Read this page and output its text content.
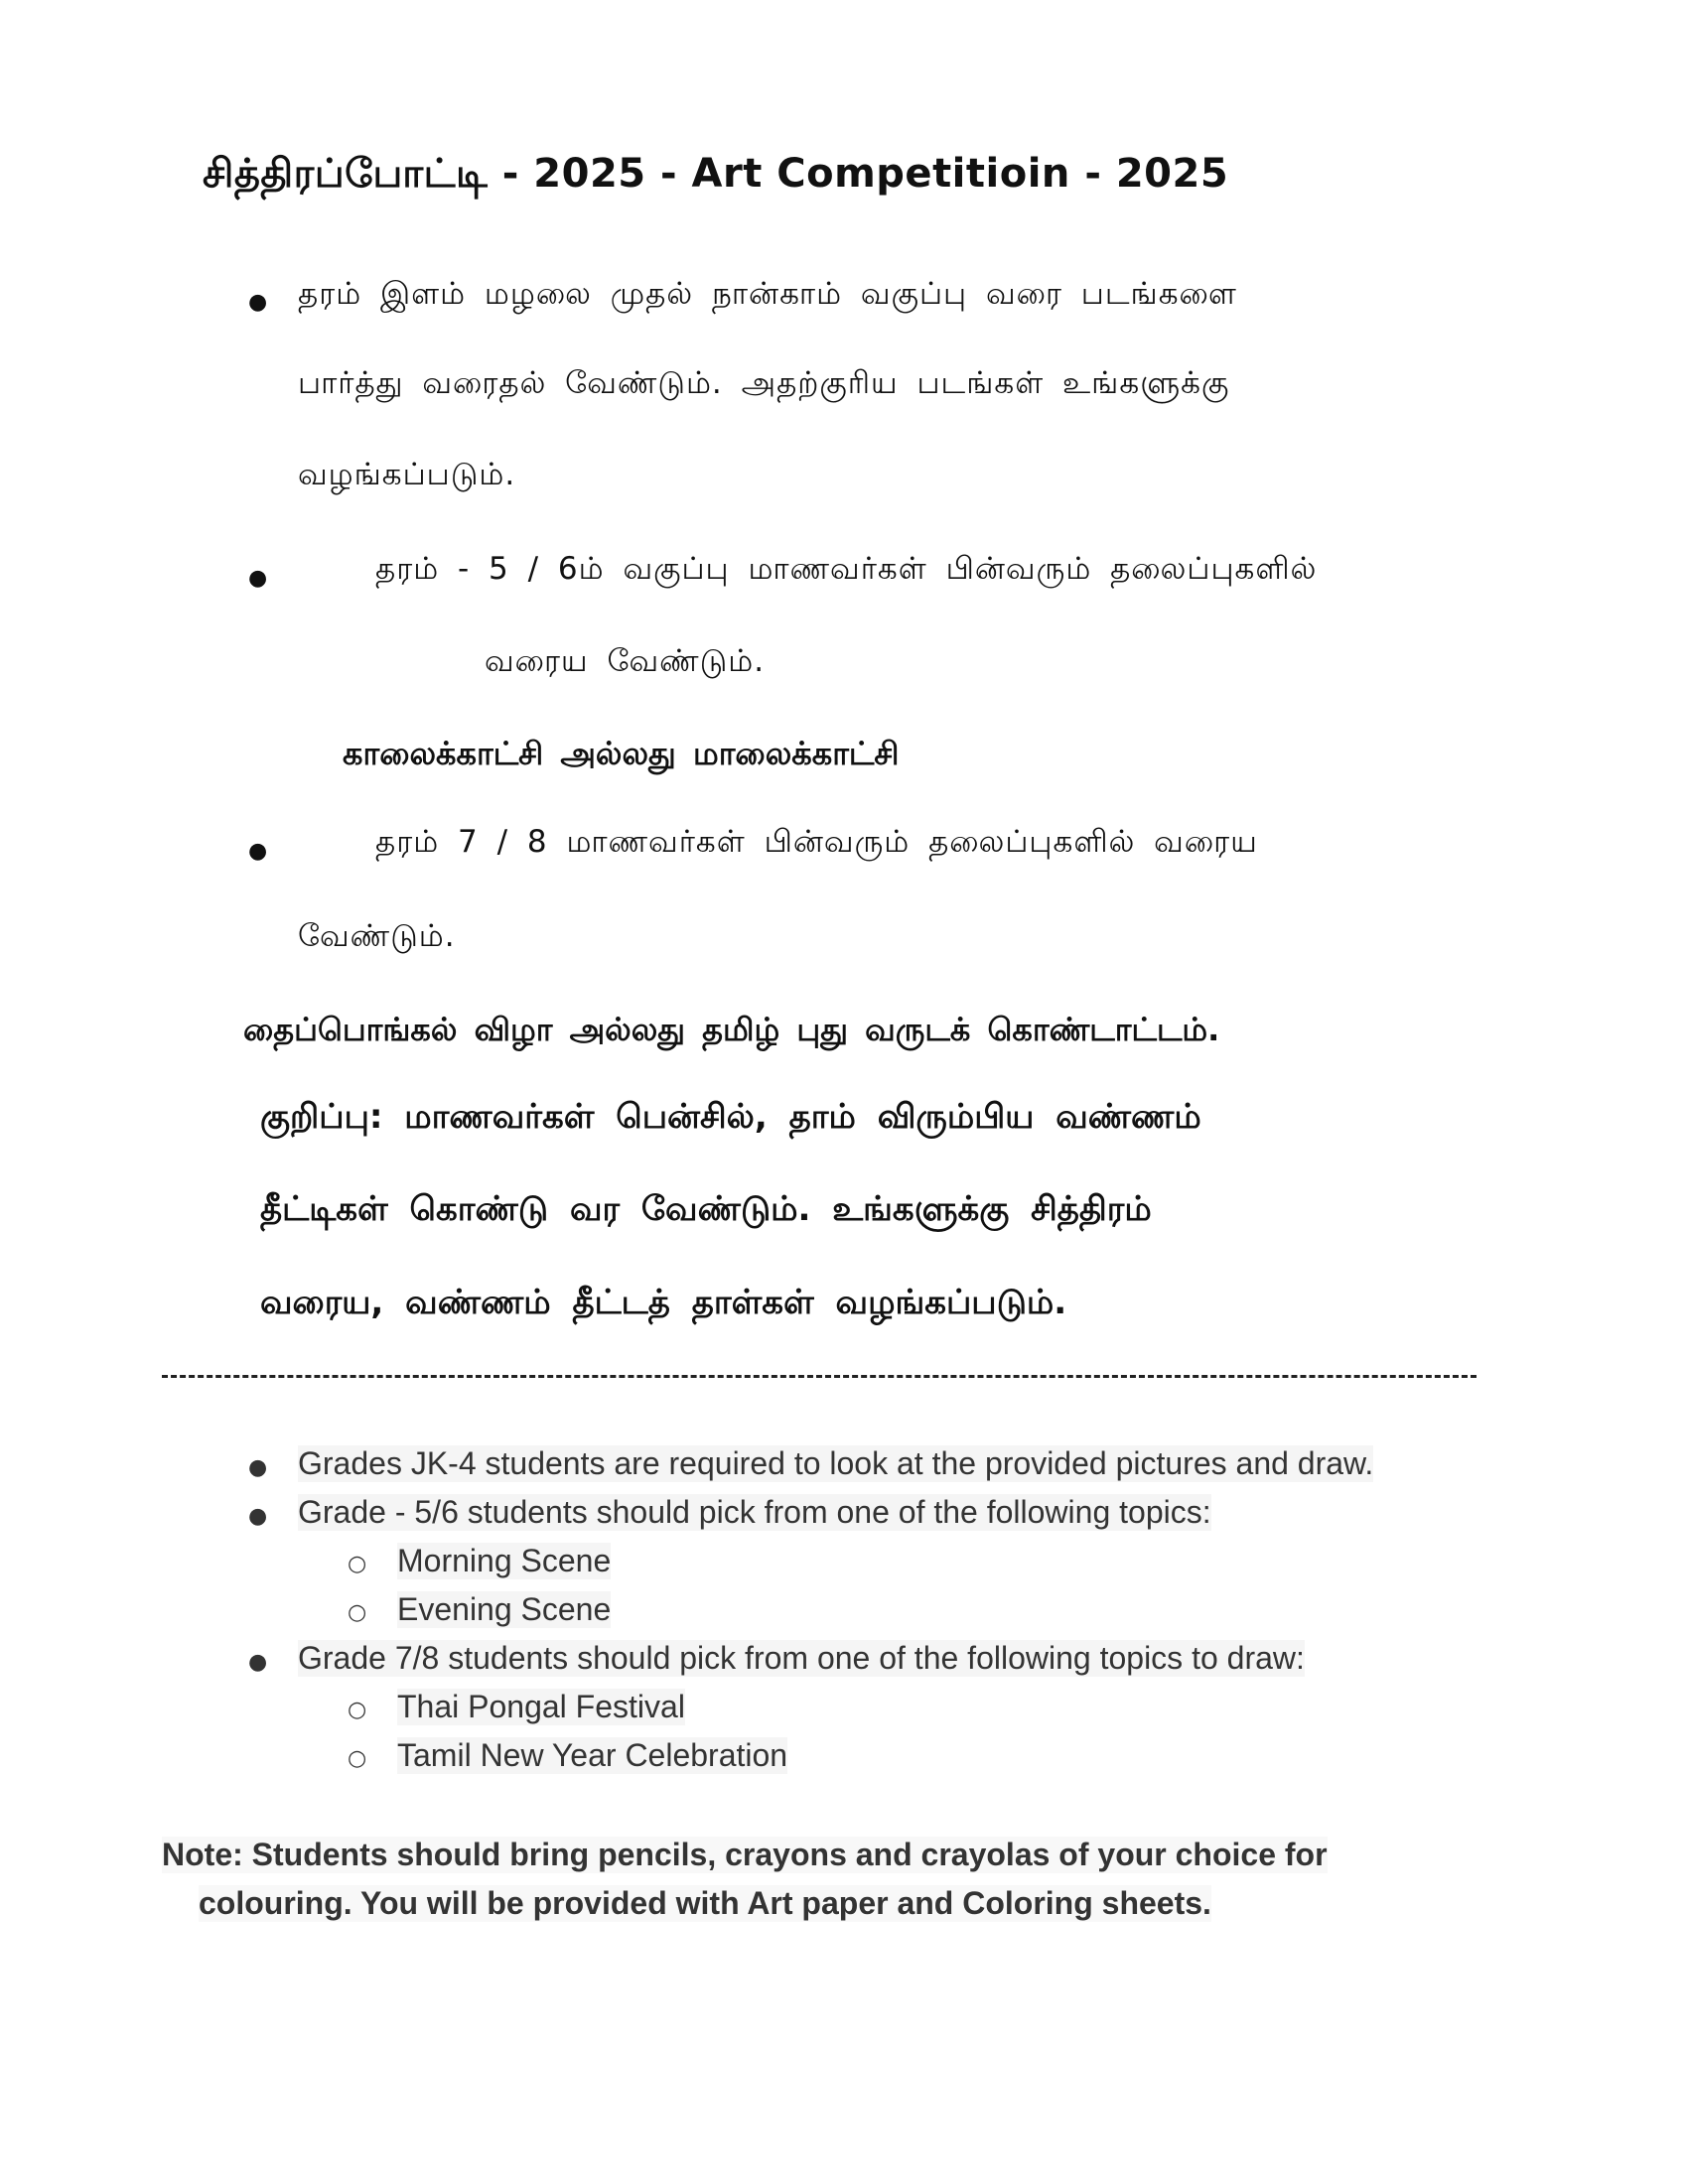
சித்திரப்போட்டி - 2025 - Art Competitioin - 2025
● தரம் இளம் மழலை முதல் நான்காம் வகுப்பு வரை படங்களை
பார்த்து வரைதல் வேண்டும். அதற்குரிய படங்கள் உங்களுக்கு
வழங்கப்படும்.
●	தரம் - 5 / 6ம் வகுப்பு மாணவர்கள் பின்வரும் தலைப்புகளில்
வரைய வேண்டும்.
காலைக்காட்சி அல்லது மாலைக்காட்சி
●	தரம் 7 / 8 மாணவர்கள் பின்வரும் தலைப்புகளில் வரைய
வேண்டும்.
தைப்பொங்கல் விழா அல்லது தமிழ் புது வருடக் கொண்டாட்டம்.
குறிப்பு: மாணவர்கள் பென்சில், தாம் விரும்பிய வண்ணம்
தீட்டிகள் கொண்டு வர வேண்டும். உங்களுக்கு சித்திரம்
வரைய, வண்ணம் தீட்டத் தாள்கள் வழங்கப்படும்.
● Grades JK-4 students are required to look at the provided pictures and draw.
● Grade - 5/6 students should pick from one of the following topics:
○ Morning Scene
○ Evening Scene
● Grade 7/8 students should pick from one of the following topics to draw:
○ Thai Pongal Festival
○ Tamil New Year Celebration
Note: Students should bring pencils, crayons and crayolas of your choice for
colouring. You will be provided with Art paper and Coloring sheets.
